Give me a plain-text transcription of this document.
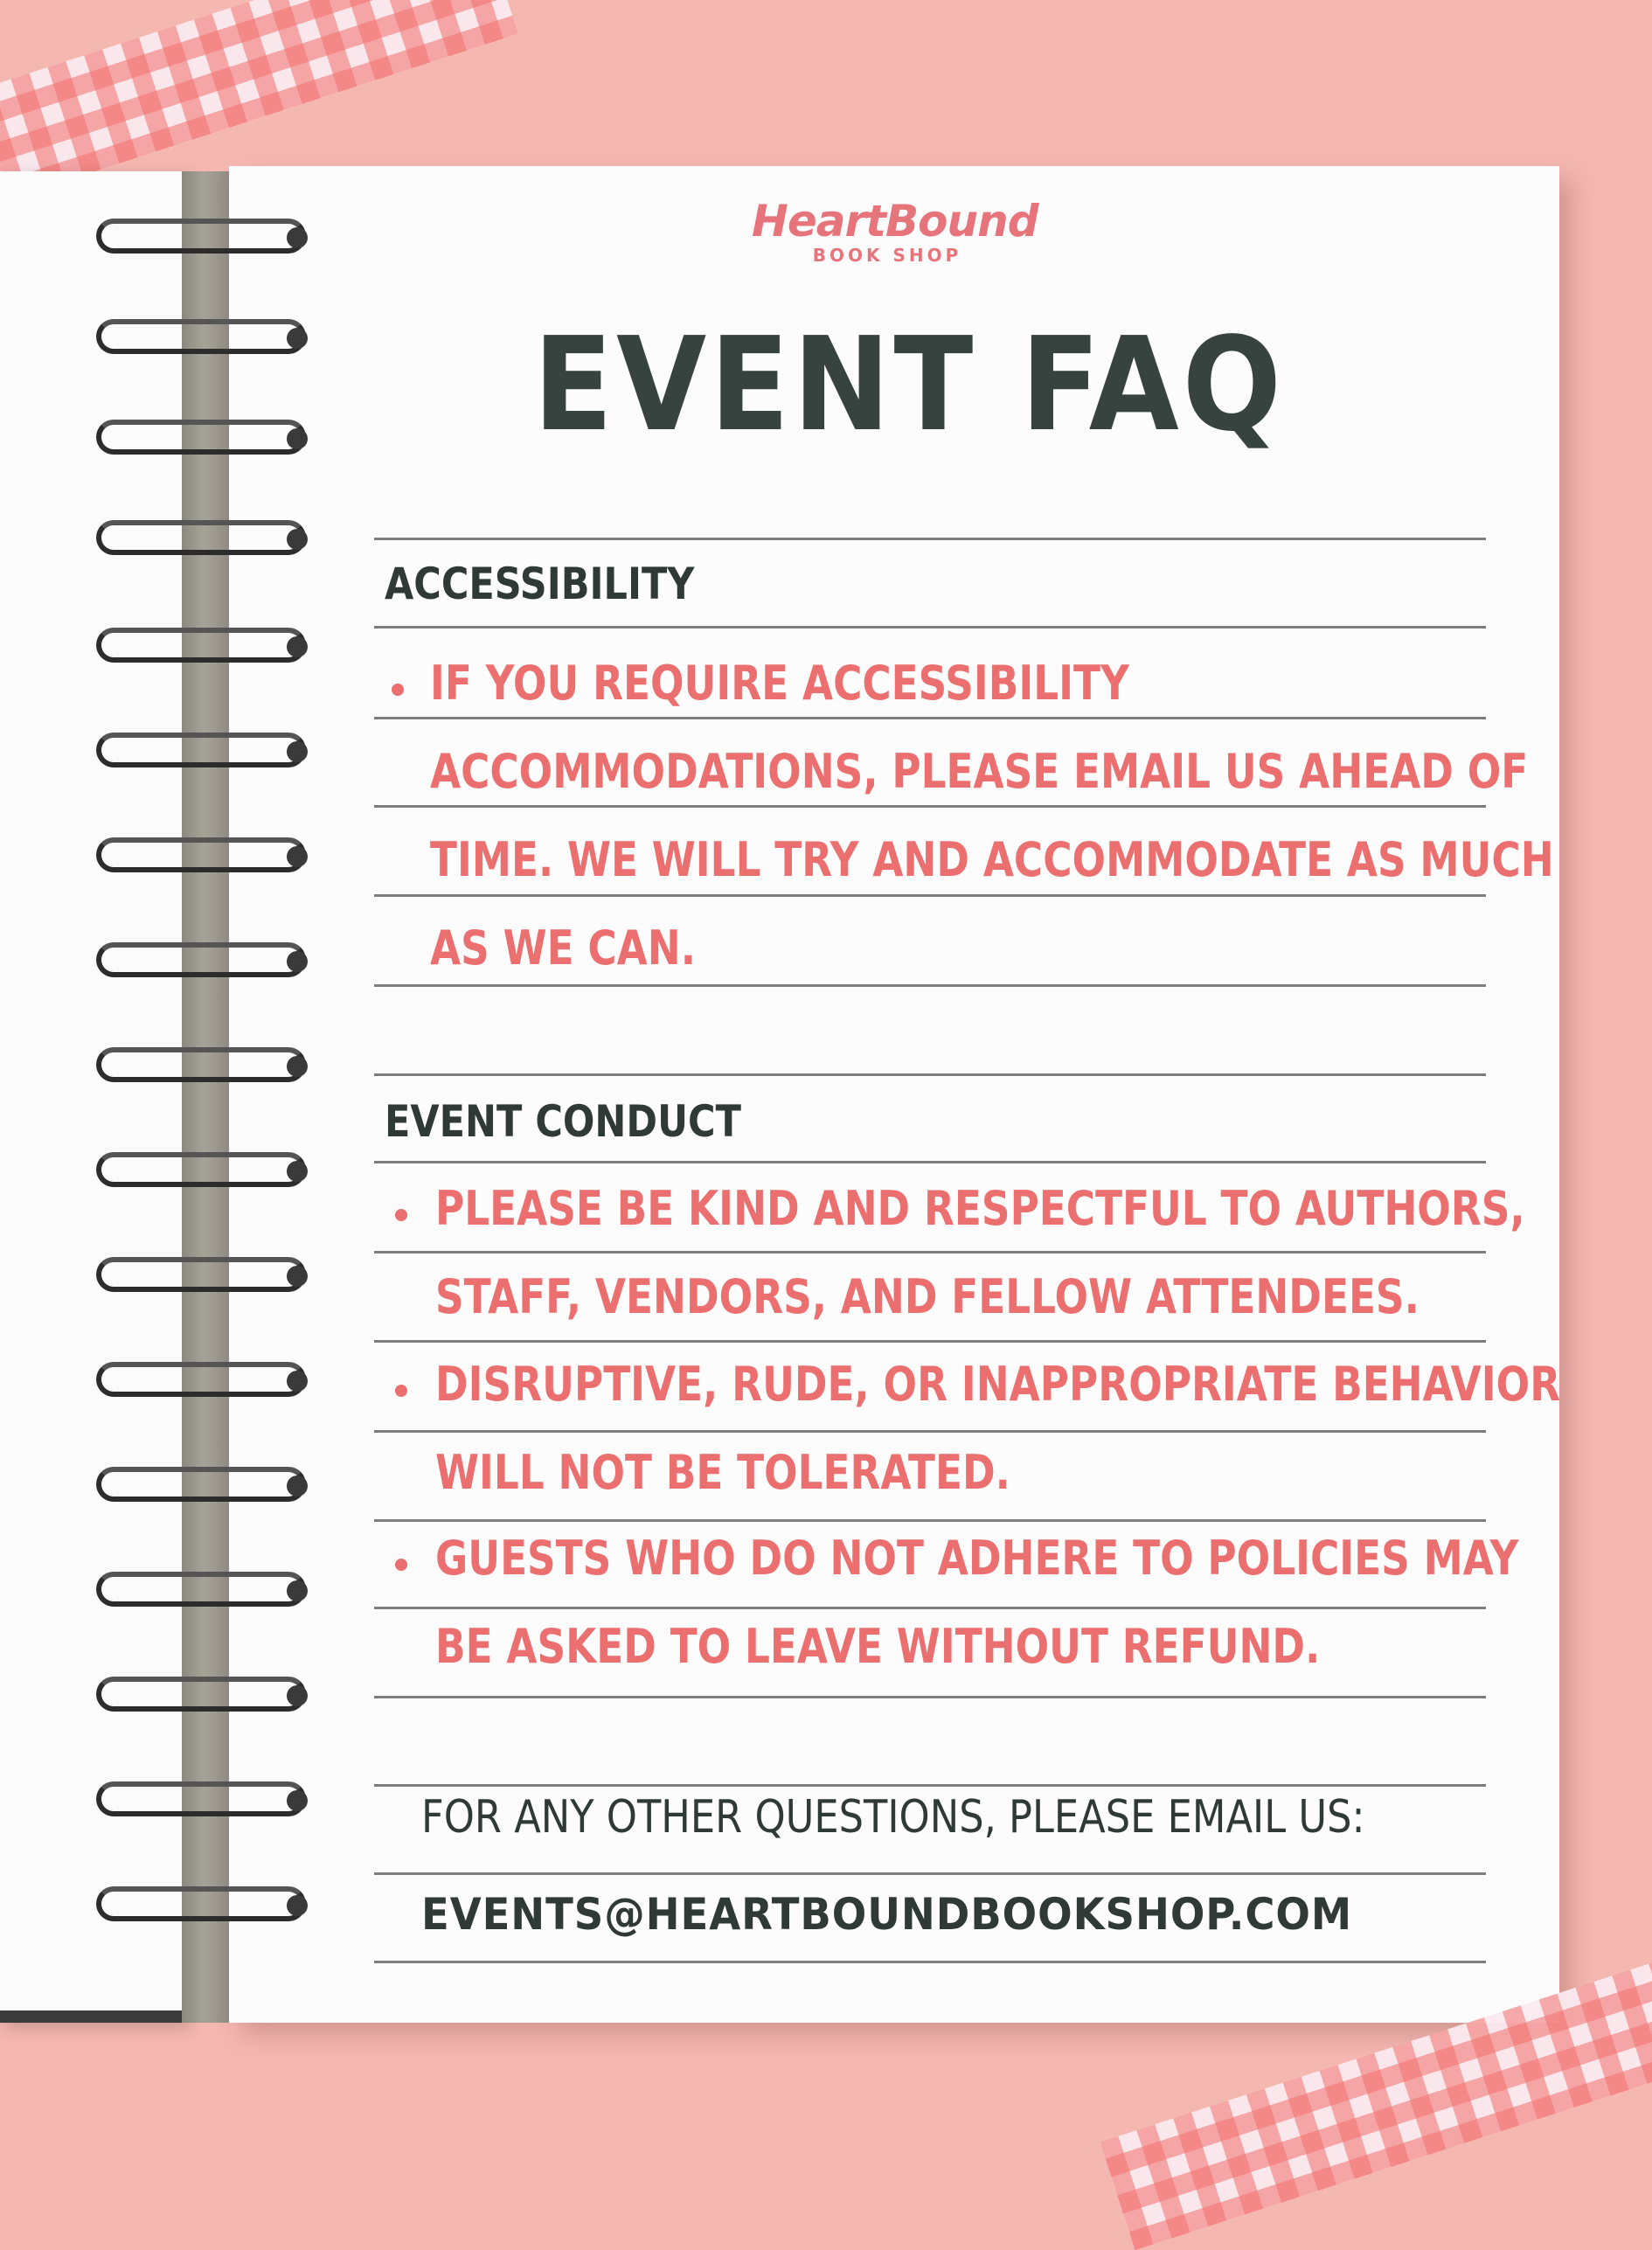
HeartBound
BOOK SHOP
EVENT FAQ
ACCESSIBILITY
IF YOU REQUIRE ACCESSIBILITY
ACCOMMODATIONS, PLEASE EMAIL US AHEAD OF
TIME. WE WILL TRY AND ACCOMMODATE AS MUCH
AS WE CAN.
EVENT CONDUCT
PLEASE BE KIND AND RESPECTFUL TO AUTHORS,
STAFF, VENDORS, AND FELLOW ATTENDEES.
DISRUPTIVE, RUDE, OR INAPPROPRIATE BEHAVIOR
WILL NOT BE TOLERATED.
GUESTS WHO DO NOT ADHERE TO POLICIES MAY
BE ASKED TO LEAVE WITHOUT REFUND.
FOR ANY OTHER QUESTIONS, PLEASE EMAIL US:
EVENTS@HEARTBOUNDBOOKSHOP.COM
